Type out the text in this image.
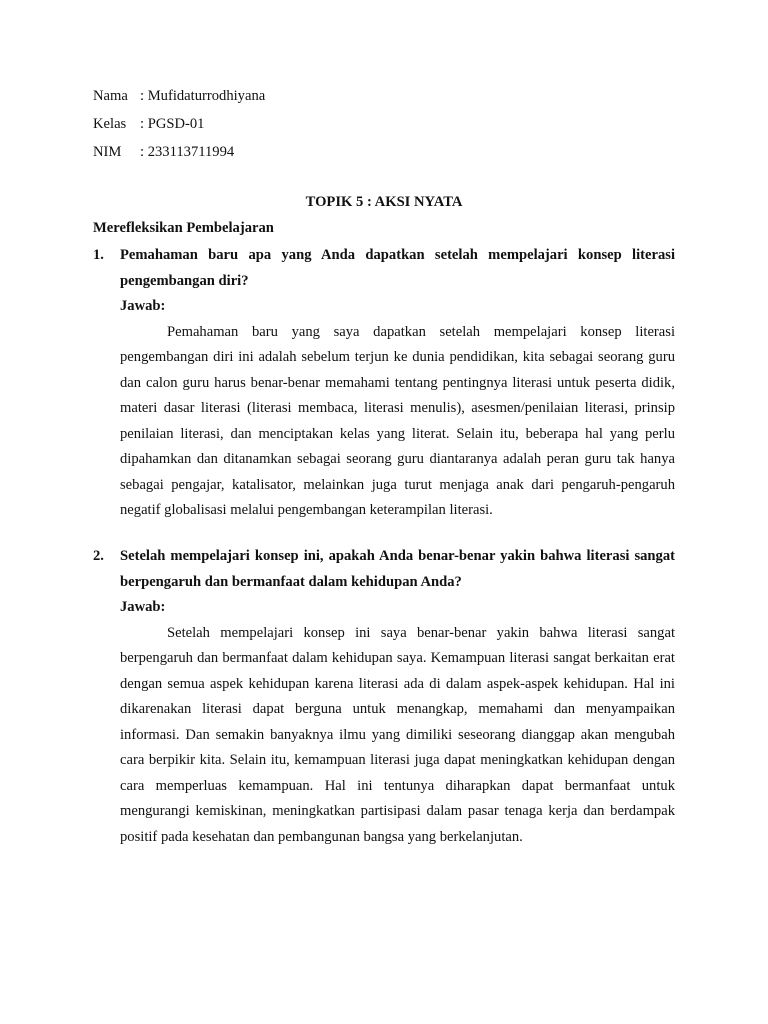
Nama : Mufidaturrodhiyana
Kelas : PGSD-01
NIM	: 233113711994
TOPIK 5 : AKSI NYATA
Merefleksikan Pembelajaran
1.	Pemahaman baru apa yang Anda dapatkan setelah mempelajari konsep literasi pengembangan diri?

Jawab:

Pemahaman baru yang saya dapatkan setelah mempelajari konsep literasi pengembangan diri ini adalah sebelum terjun ke dunia pendidikan, kita sebagai seorang guru dan calon guru harus benar-benar memahami tentang pentingnya literasi untuk peserta didik, materi dasar literasi (literasi membaca, literasi menulis), asesmen/penilaian literasi, prinsip penilaian literasi, dan menciptakan kelas yang literat. Selain itu, beberapa hal yang perlu dipahamkan dan ditanamkan sebagai seorang guru diantaranya adalah peran guru tak hanya sebagai pengajar, katalisator, melainkan juga turut menjaga anak dari pengaruh-pengaruh negatif globalisasi melalui pengembangan keterampilan literasi.

2.	Setelah mempelajari konsep ini, apakah Anda benar-benar yakin bahwa literasi sangat berpengaruh dan bermanfaat dalam kehidupan Anda?

Jawab:

Setelah mempelajari konsep ini saya benar-benar yakin bahwa literasi sangat berpengaruh dan bermanfaat dalam kehidupan saya. Kemampuan literasi sangat berkaitan erat dengan semua aspek kehidupan karena literasi ada di dalam aspek-aspek kehidupan. Hal ini dikarenakan literasi dapat berguna untuk menangkap, memahami dan menyampaikan informasi. Dan semakin banyaknya ilmu yang dimiliki seseorang dianggap akan mengubah cara berpikir kita. Selain itu, kemampuan literasi juga dapat meningkatkan kehidupan dengan cara memperluas kemampuan. Hal ini tentunya diharapkan dapat bermanfaat untuk mengurangi kemiskinan, meningkatkan partisipasi dalam pasar tenaga kerja dan berdampak positif pada kesehatan dan pembangunan bangsa yang berkelanjutan.
